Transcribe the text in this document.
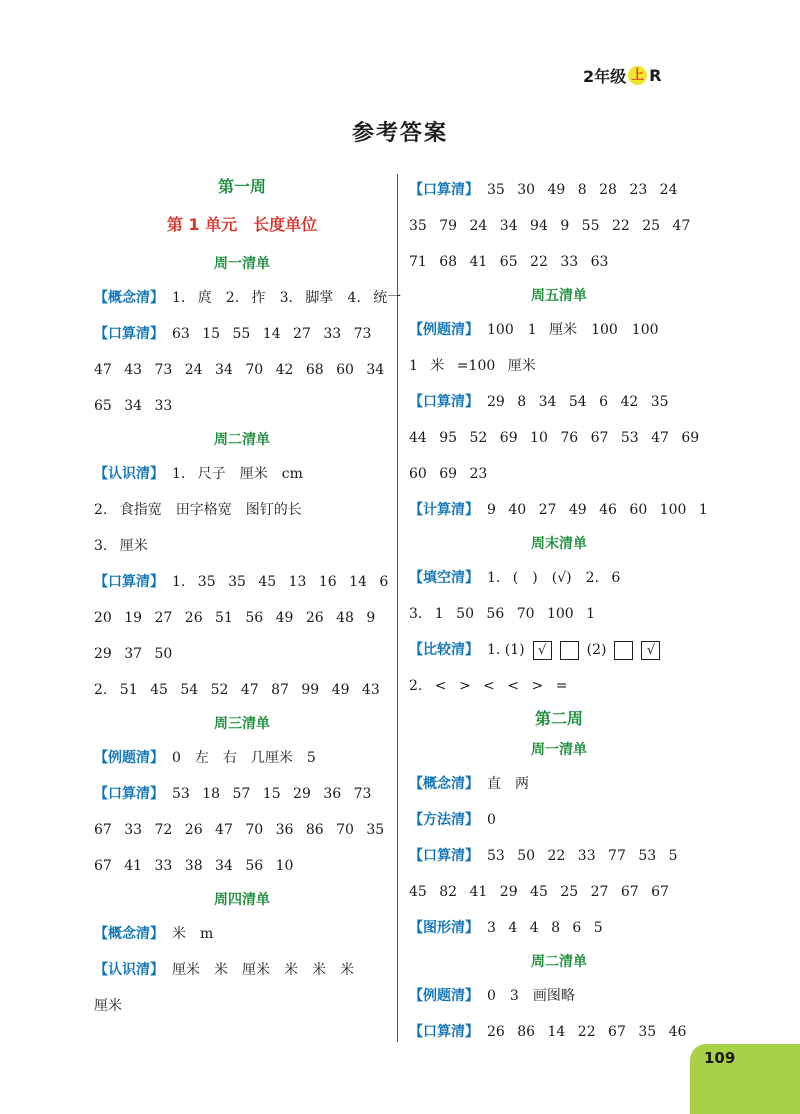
2年级 上 R
参考答案
第一周
第 1 单元　长度单位
周一清单
【概念清】 1. 庹　2. 拃　3. 脚掌　4. 统一
【口算清】 63 15 55 14 27 33 73
47 43 73 24 34 70 42 68 60 34
65 34 33
周二清单
【认识清】 1. 尺子　厘米　cm
2. 食指宽　田字格宽　图钉的长
3. 厘米
【口算清】 1. 35 35 45 13 16 14 6
20 19 27 26 51 56 49 26 48 9
29 37 50
2. 51 45 54 52 47 87 99 49 43
周三清单
【例题清】 0　左　右　几厘米　5
【口算清】 53 18 57 15 29 36 73
67 33 72 26 47 70 36 86 70 35
67 41 33 38 34 56 10
周四清单
【概念清】 米　m
【认识清】 厘米　米　厘米　米　米　米
厘米
【口算清】 35 30 49 8 28 23 24
35 79 24 34 94 9 55 22 25 47
71 68 41 65 22 33 63
周五清单
【例题清】 100　1 厘米　100　100
1 米 =100 厘米
【口算清】 29 8 34 54 6 42 35
44 95 52 69 10 76 67 53 47 69
60 69 23
【计算清】 9 40 27 49 46 60 100 1
周末清单
【填空清】 1. (　)　(√)　2. 6
3. 1 50 56 70 100 1
【比较清】 1. (1)	√	(2)	√
2. < > < < > =
第二周
周一清单
【概念清】 直　两
【方法清】 0
【口算清】 53 50 22 33 77 53 5
45 82 41 29 45 25 27 67 67
【图形清】 3 4 4 8 6 5
周二清单
【例题清】 0　3　画图略
【口算清】 26 86 14 22 67 35 46
109
